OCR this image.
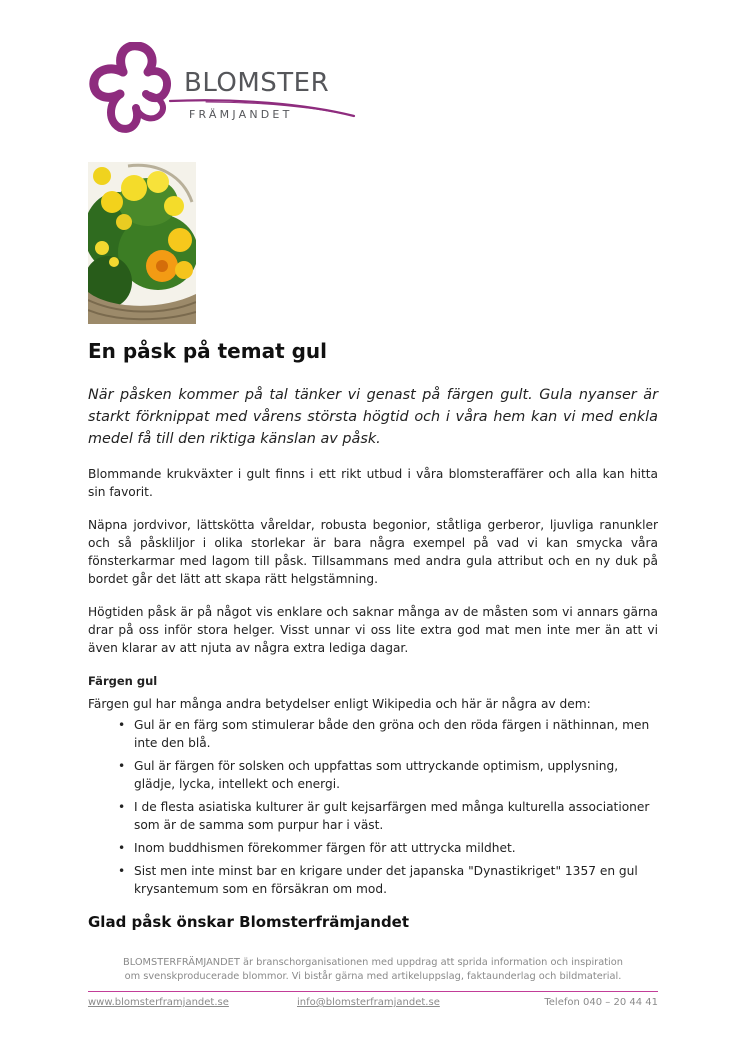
BLOMSTER
FRÄMJANDET
En påsk på temat gul

När påsken kommer på tal tänker vi genast på färgen gult. Gula nyanser är starkt förknippat med vårens största högtid och i våra hem kan vi med enkla medel få till den riktiga känslan av påsk.

Blommande krukväxter i gult finns i ett rikt utbud i våra blomsteraffärer och alla kan hitta sin favorit.

Näpna jordvivor, lättskötta våreldar, robusta begonior, ståtliga gerberor, ljuvliga ranunkler och så påskliljor i olika storlekar är bara några exempel på vad vi kan smycka våra fönsterkarmar med lagom till påsk. Tillsammans med andra gula attribut och en ny duk på bordet går det lätt att skapa rätt helgstämning.

Högtiden påsk är på något vis enklare och saknar många av de måsten som vi annars gärna drar på oss inför stora helger. Visst unnar vi oss lite extra god mat men inte mer än att vi även klarar av att njuta av några extra lediga dagar.

Färgen gul

Färgen gul har många andra betydelser enligt Wikipedia och här är några av dem:

• Gul är en färg som stimulerar både den gröna och den röda färgen i näthinnan, men inte den blå.
• Gul är färgen för solsken och uppfattas som uttryckande optimism, upplysning, glädje, lycka, intellekt och energi.
• I de flesta asiatiska kulturer är gult kejsarfärgen med många kulturella associationer som är de samma som purpur har i väst.
• Inom buddhismen förekommer färgen för att uttrycka mildhet.
• Sist men inte minst bar en krigare under det japanska "Dynastikriget" 1357 en gul krysantemum som en försäkran om mod.
Glad påsk önskar Blomsterfrämjandet
BLOMSTERFRÄMJANDET är branschorganisationen med uppdrag att sprida information och inspiration
om svenskproducerade blommor. Vi bistår gärna med artikeluppslag, faktaunderlag och bildmaterial.
www.blomsterframjandet.se	info@blomsterframjandet.se	Telefon 040 – 20 44 41
